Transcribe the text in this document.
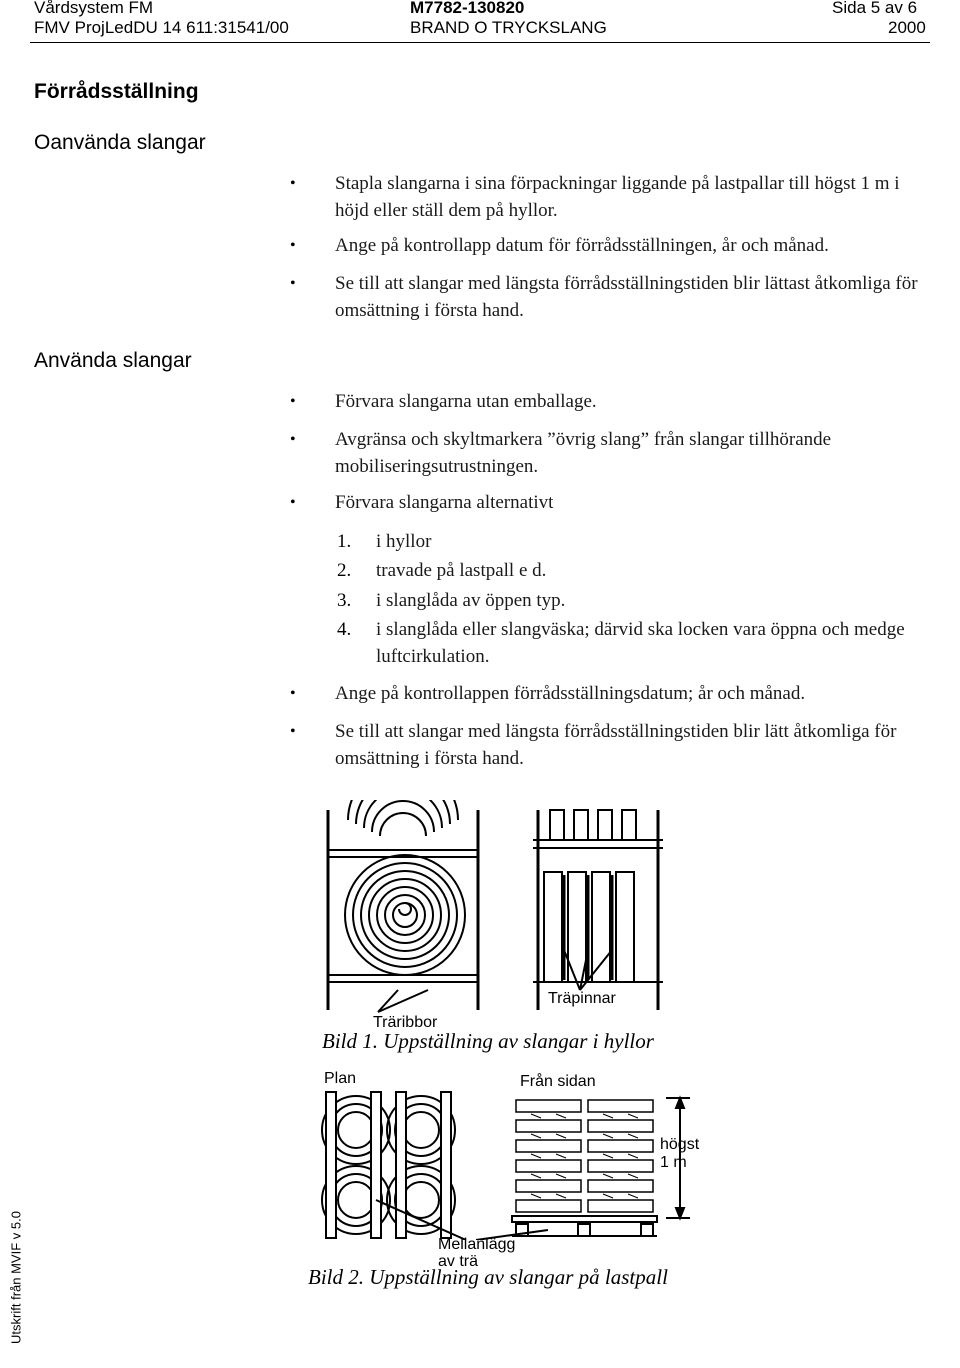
Vårdsystem FM
FMV ProjLedDU 14 611:31541/00
M7782-130820
BRAND O TRYCKSLANG
Sida 5 av 6
2000
Förrådsställning
Oanvända slangar
• Stapla slangarna i sina förpackningar liggande på lastpallar till högst 1 m i höjd eller ställ dem på hyllor.
• Ange på kontrollapp datum för förrådsställningen, år och månad.
• Se till att slangar med längsta förrådsställningstiden blir lättast åtkomliga för omsättning i första hand.
Använda slangar
• Förvara slangarna utan emballage.
• Avgränsa och skyltmarkera ”övrig slang” från slangar tillhörande mobiliseringsutrustningen.
• Förvara slangarna alternativt
1. i hyllor
2. travade på lastpall e d.
3. i slanglåda av öppen typ.
4. i slanglåda eller slangväska; därvid ska locken vara öppna och medge luftcirkulation.
• Ange på kontrollappen förrådsställningsdatum; år och månad.
• Se till att slangar med längsta förrådsställningstiden blir lätt åtkomliga för omsättning i första hand.
Träpinnar
Träribbor
Bild 1. Uppställning av slangar i hyllor
Plan	Från sidan
högst
1 m
Mellanlägg
av trä
Bild 2. Uppställning av slangar på lastpall
Utskrift från MVIF v 5.0
